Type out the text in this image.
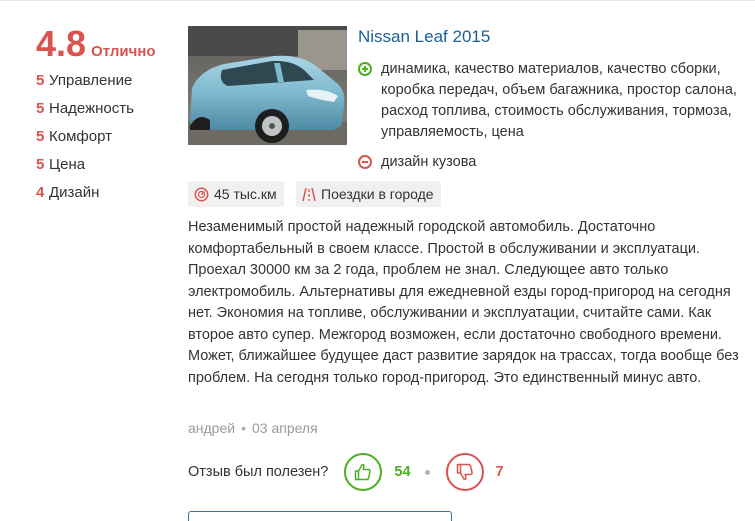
4.8 Отлично
5 Управление
5 Надежность
5 Комфорт
5 Цена
4 Дизайн
Nissan Leaf 2015
динамика, качество материалов, качество сборки, коробка передач, объем багажника, простор салона, расход топлива, стоимость обслуживания, тормоза, управляемость, цена
дизайн кузова
45 тыс.км	Поездки в городе
Незаменимый простой надежный городской автомобиль. Достаточно комфортабельный в своем классе. Простой в обслуживании и эксплуатаци. Проехал 30000 км за 2 года, проблем не знал. Следующее авто только электромобиль. Альтернативы для ежедневной езды город-пригород на сегодня нет. Экономия на топливе, обслуживании и эксплуатации, считайте сами. Как второе авто супер. Межгород возможен, если достаточно свободного времени. Может, ближайшее будущее даст развитие зарядок на трассах, тогда вообще без проблем. На сегодня только город-пригород. Это единственный минус авто.
андрей • 03 апреля
Отзыв был полезен?	54	7
